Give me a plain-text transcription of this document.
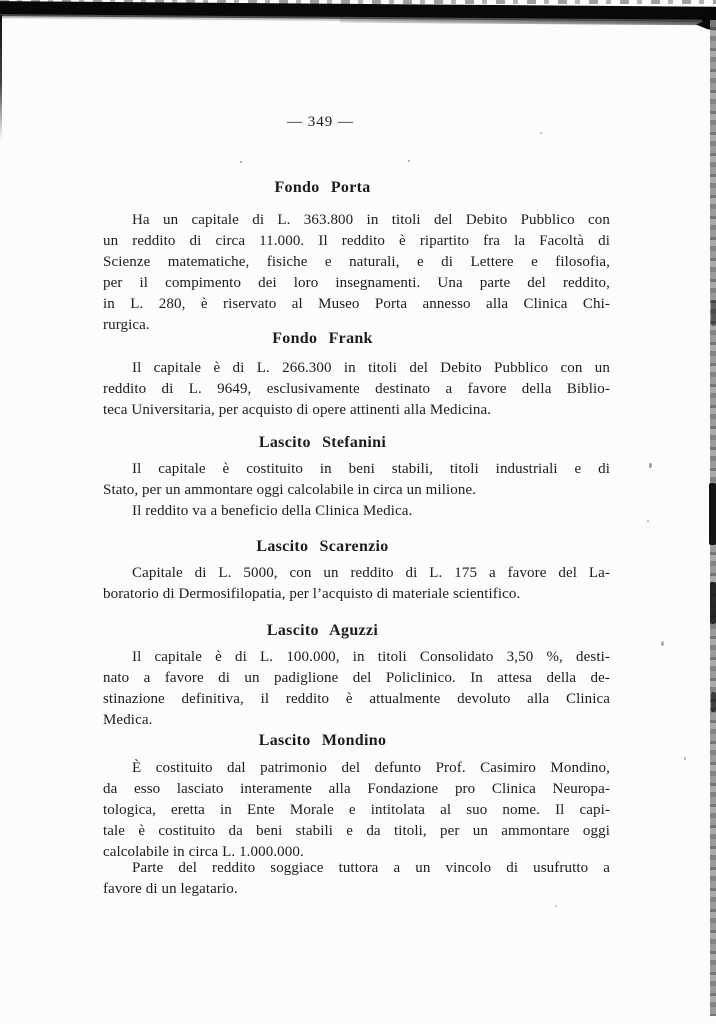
— 349 —
Fondo Porta
Ha un capitale di L. 363.800 in titoli del Debito Pubblico con
un reddito di circa 11.000. Il reddito è ripartito fra la Facoltà di
Scienze matematiche, fisiche e naturali, e di Lettere e filosofia,
per il compimento dei loro insegnamenti. Una parte del reddito,
in L. 280, è riservato al Museo Porta annesso alla Clinica Chi-
rurgica.
Fondo Frank
Il capitale è di L. 266.300 in titoli del Debito Pubblico con un
reddito di L. 9649, esclusivamente destinato a favore della Biblio-
teca Universitaria, per acquisto di opere attinenti alla Medicina.
Lascito Stefanini
Il capitale è costituito in beni stabili, titoli industriali e di
Stato, per un ammontare oggi calcolabile in circa un milione.
Il reddito va a beneficio della Clinica Medica.
Lascito Scarenzio
Capitale di L. 5000, con un reddito di L. 175 a favore del La-
boratorio di Dermosifilopatia, per l’acquisto di materiale scientifico.
Lascito Aguzzi
Il capitale è di L. 100.000, in titoli Consolidato 3,50 %, desti-
nato a favore di un padiglione del Policlinico. In attesa della de-
stinazione definitiva, il reddito è attualmente devoluto alla Clinica
Medica.
Lascito Mondino
È costituito dal patrimonio del defunto Prof. Casimiro Mondino,
da esso lasciato interamente alla Fondazione pro Clinica Neuropa-
tologica, eretta in Ente Morale e intitolata al suo nome. Il capi-
tale è costituito da beni stabili e da titoli, per un ammontare oggi
calcolabile in circa L. 1.000.000.
Parte del reddito soggiace tuttora a un vincolo di usufrutto a
favore di un legatario.
